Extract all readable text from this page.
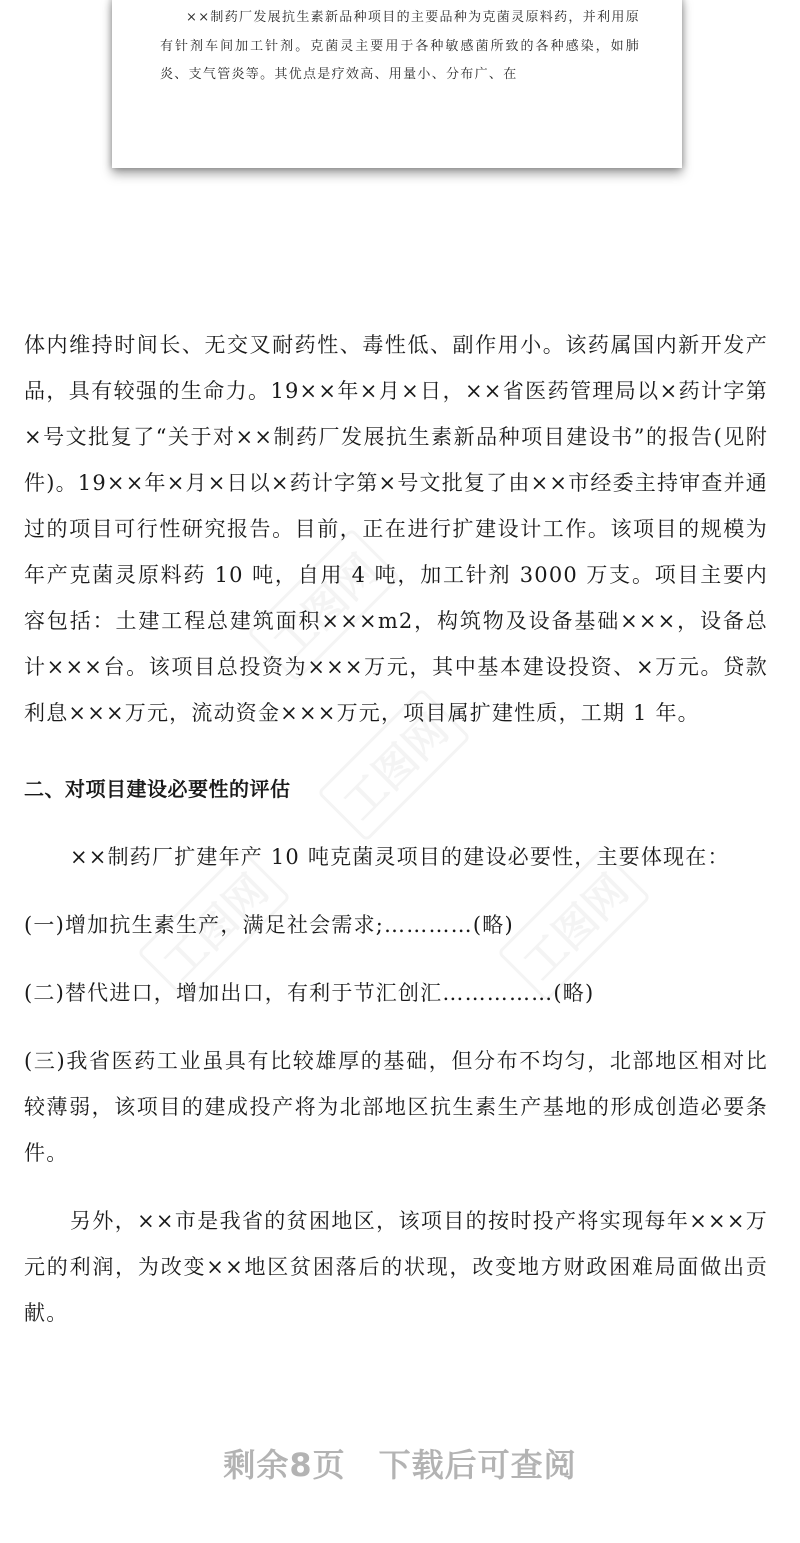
××制药厂发展抗生素新品种项目的主要品种为克菌灵原料药，并利用原有针剂车间加工针剂。克菌灵主要用于各种敏感菌所致的各种感染，如肺炎、支气管炎等。其优点是疗效高、用量小、分布广、在

体内维持时间长、无交叉耐药性、毒性低、副作用小。该药属国内新开发产品，具有较强的生命力。19××年×月×日，××省医药管理局以×药计字第×号文批复了“关于对××制药厂发展抗生素新品种项目建设书”的报告(见附件)。19××年×月×日以×药计字第×号文批复了由××市经委主持审查并通过的项目可行性研究报告。目前，正在进行扩建设计工作。该项目的规模为年产克菌灵原料药 10 吨，自用 4 吨，加工针剂 3000 万支。项目主要内容包括：土建工程总建筑面积×××m2，构筑物及设备基础×××，设备总计×××台。该项目总投资为×××万元，其中基本建设投资、×万元。贷款利息×××万元，流动资金×××万元，项目属扩建性质，工期 1 年。

二、对项目建设必要性的评估

××制药厂扩建年产 10 吨克菌灵项目的建设必要性，主要体现在：

(一)增加抗生素生产，满足社会需求;…………(略)

(二)替代进口，增加出口，有利于节汇创汇……………(略)

(三)我省医药工业虽具有比较雄厚的基础，但分布不均匀，北部地区相对比较薄弱，该项目的建成投产将为北部地区抗生素生产基地的形成创造必要条件。

另外，××市是我省的贫困地区，该项目的按时投产将实现每年×××万元的利润，为改变××地区贫困落后的状现，改变地方财政困难局面做出贡献。

剩余8页　下载后可查阅
